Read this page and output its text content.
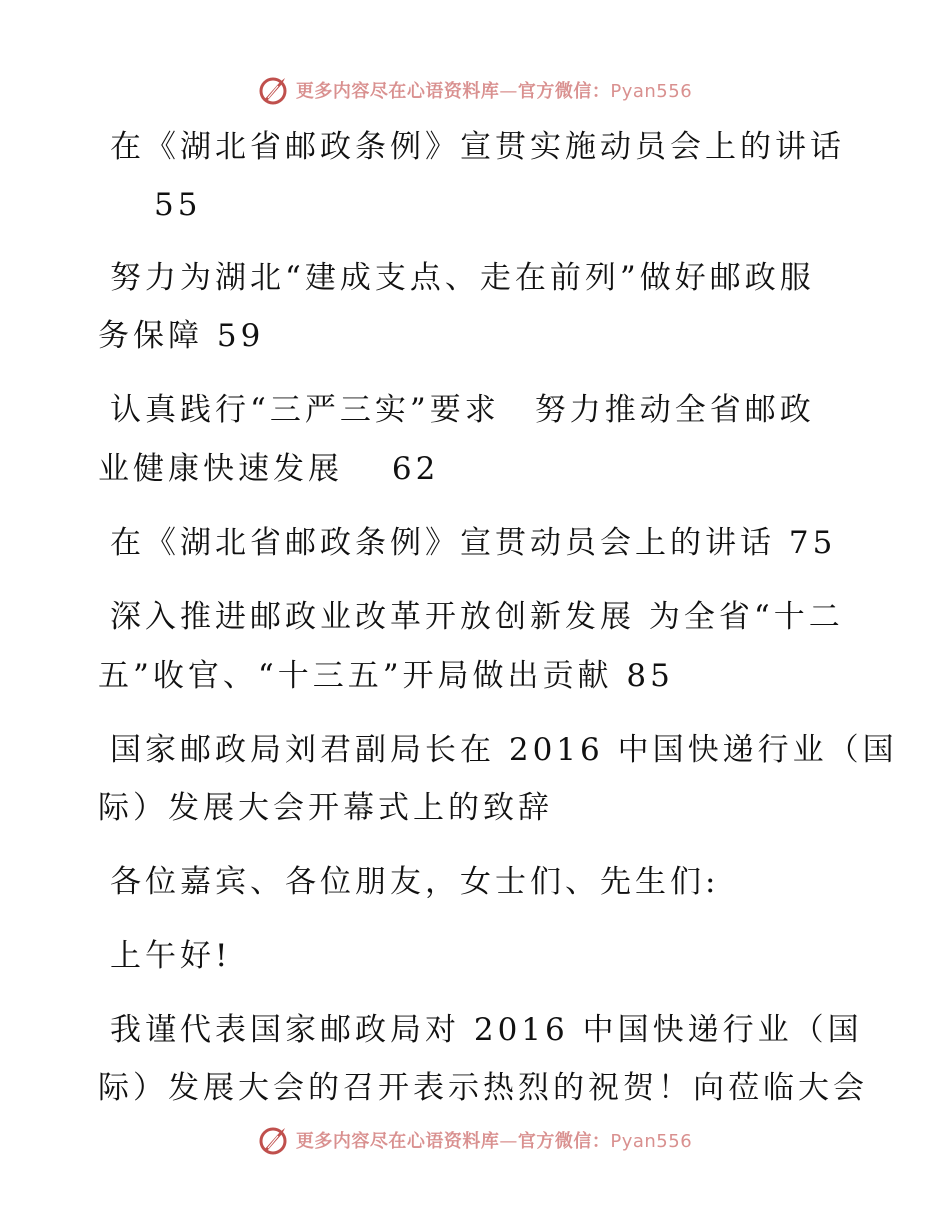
更多内容尽在心语资料库—官方微信：Pyan556
在《湖北省邮政条例》宣贯实施动员会上的讲话
55
努力为湖北“建成支点、走在前列”做好邮政服
务保障 59
认真践行“三严三实”要求　努力推动全省邮政
业健康快速发展　 62
在《湖北省邮政条例》宣贯动员会上的讲话 75
深入推进邮政业改革开放创新发展 为全省“十二
五”收官、“十三五”开局做出贡献 85
国家邮政局刘君副局长在 2016 中国快递行业（国
际）发展大会开幕式上的致辞
各位嘉宾、各位朋友，女士们、先生们:
上午好!
我谨代表国家邮政局对 2016 中国快递行业（国
际）发展大会的召开表示热烈的祝贺！向莅临大会
更多内容尽在心语资料库—官方微信：Pyan556
